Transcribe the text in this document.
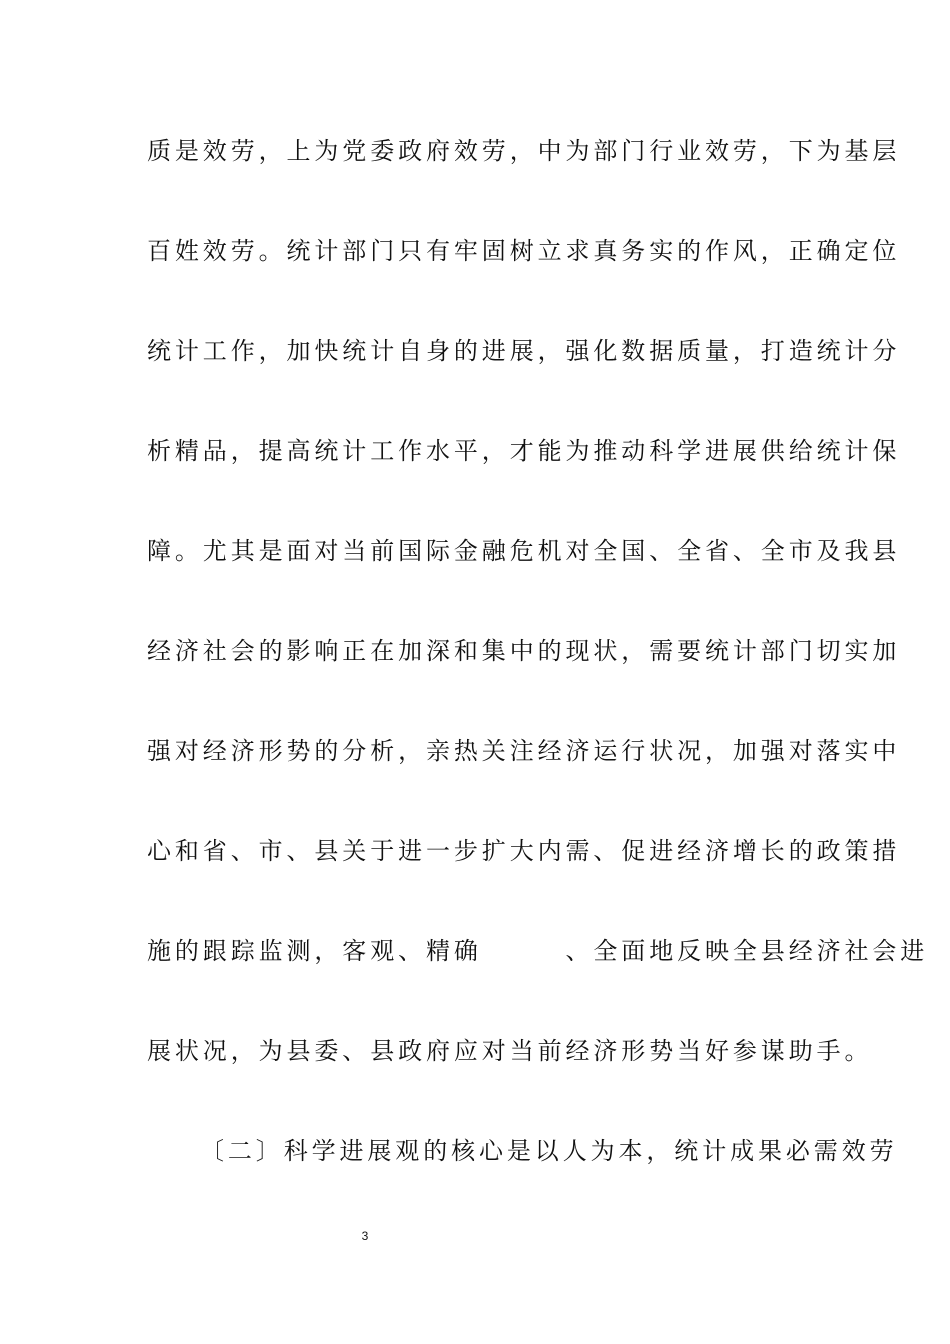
质是效劳，上为党委政府效劳，中为部门行业效劳，下为基层
百姓效劳。统计部门只有牢固树立求真务实的作风，正确定位
统计工作，加快统计自身的进展，强化数据质量，打造统计分
析精品，提高统计工作水平，才能为推动科学进展供给统计保
障。尤其是面对当前国际金融危机对全国、全省、全市及我县
经济社会的影响正在加深和集中的现状，需要统计部门切实加
强对经济形势的分析，亲热关注经济运行状况，加强对落实中
心和省、市、县关于进一步扩大内需、促进经济增长的政策措
施的跟踪监测，客观、精确　　　、全面地反映全县经济社会进
展状况，为县委、县政府应对当前经济形势当好参谋助手。
〔二〕科学进展观的核心是以人为本，统计成果必需效劳
3
